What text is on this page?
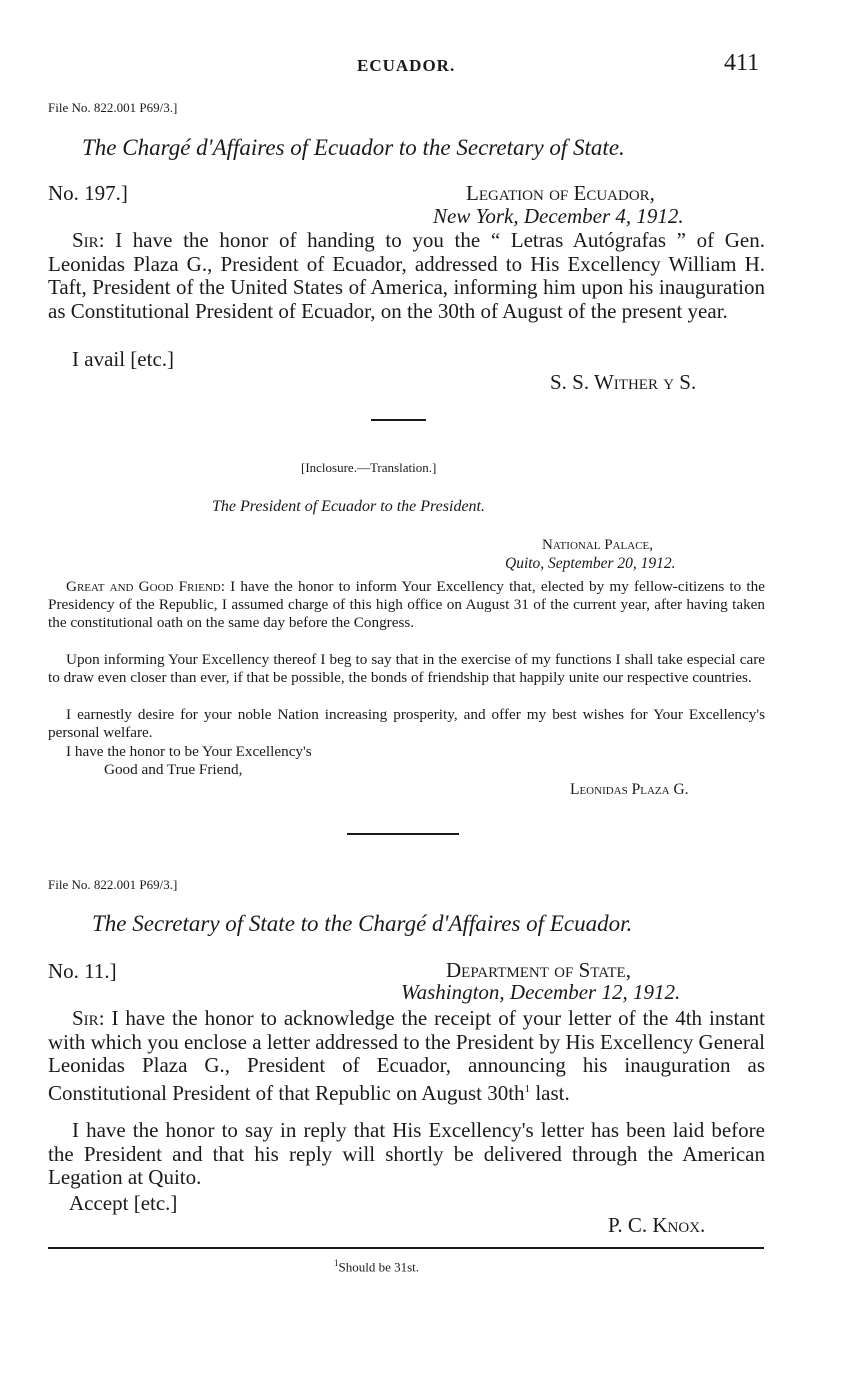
ECUADOR.	411
File No. 822.001 P69/3.]
The Chargé d'Affaires of Ecuador to the Secretary of State.
No. 197.]	Legation of Ecuador,
New York, December 4, 1912.
Sir: I have the honor of handing to you the “ Letras Autógrafas ” of Gen. Leonidas Plaza G., President of Ecuador, addressed to His Excellency William H. Taft, President of the United States of America, informing him upon his inauguration as Constitutional President of Ecuador, on the 30th of August of the present year.
I avail [etc.]
S. S. Wither y S.
[Inclosure.—Translation.]
The President of Ecuador to the President.
National Palace,
Quito, September 20, 1912.
Great and Good Friend: I have the honor to inform Your Excellency that, elected by my fellow-citizens to the Presidency of the Republic, I assumed charge of this high office on August 31 of the current year, after having taken the constitutional oath on the same day before the Congress.
Upon informing Your Excellency thereof I beg to say that in the exercise of my functions I shall take especial care to draw even closer than ever, if that be possible, the bonds of friendship that happily unite our respective countries.
I earnestly desire for your noble Nation increasing prosperity, and offer my best wishes for Your Excellency's personal welfare.
I have the honor to be Your Excellency's
Good and True Friend,
Leonidas Plaza G.
File No. 822.001 P69/3.]
The Secretary of State to the Chargé d'Affaires of Ecuador.
No. 11.]	Department of State,
Washington, December 12, 1912.
Sir: I have the honor to acknowledge the receipt of your letter of the 4th instant with which you enclose a letter addressed to the President by His Excellency General Leonidas Plaza G., President of Ecuador, announcing his inauguration as Constitutional President of that Republic on August $30th^1$ last.
I have the honor to say in reply that His Excellency's letter has been laid before the President and that his reply will shortly be delivered through the American Legation at Quito.
Accept [etc.]
P. C. Knox.
$^1$Should be 31st.
